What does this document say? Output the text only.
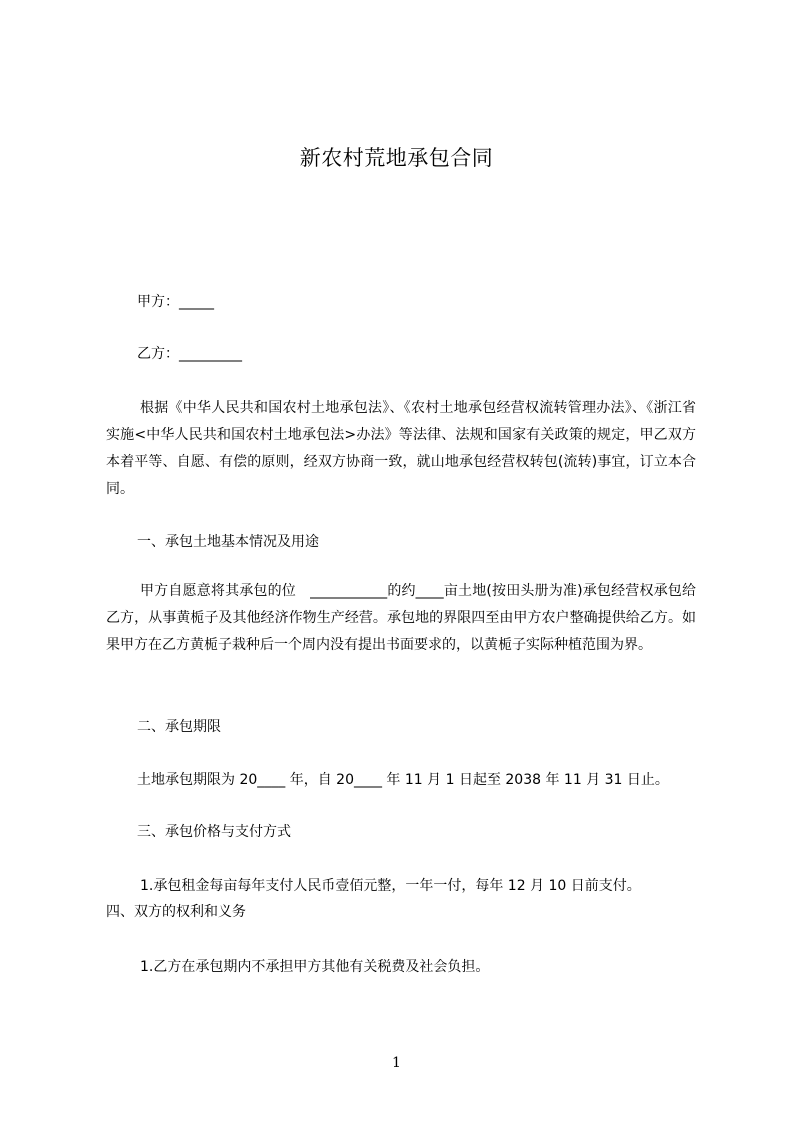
新农村荒地承包合同
甲方：_____
乙方：_________
根据《中华人民共和国农村土地承包法》、《农村土地承包经营权流转管理办法》、《浙江省实施<中华人民共和国农村土地承包法>办法》等法律、法规和国家有关政策的规定，甲乙双方本着平等、自愿、有偿的原则，经双方协商一致，就山地承包经营权转包(流转)事宜，订立本合同。
一、承包土地基本情况及用途
甲方自愿意将其承包的位　___________的约____亩土地(按田头册为准)承包经营权承包给乙方，从事黄栀子及其他经济作物生产经营。承包地的界限四至由甲方农户整确提供给乙方。如果甲方在乙方黄栀子栽种后一个周内没有提出书面要求的，以黄栀子实际种植范围为界。
二、承包期限
土地承包期限为 20____ 年，自 20____ 年 11 月 1 日起至 2038 年 11 月 31 日止。
三、承包价格与支付方式
1.承包租金每亩每年支付人民币壹佰元整，一年一付，每年 12 月 10 日前支付。
四、双方的权利和义务
1.乙方在承包期内不承担甲方其他有关税费及社会负担。
1
